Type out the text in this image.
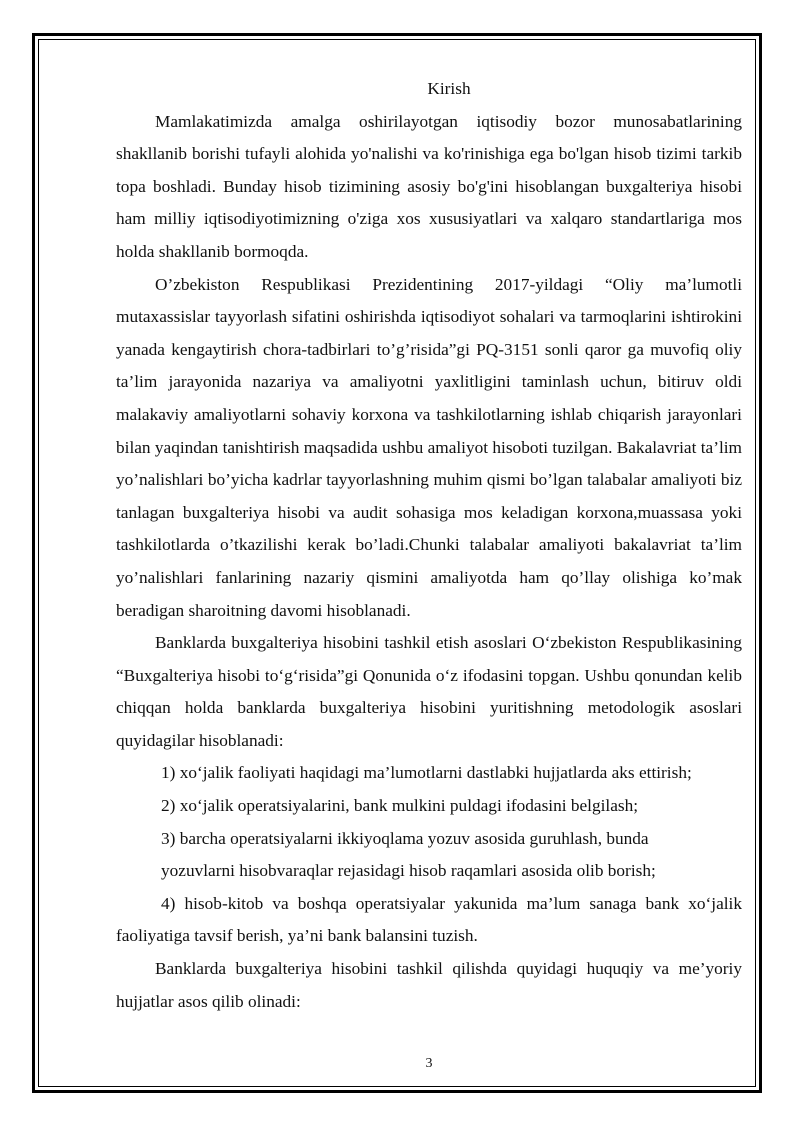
Kirish

Mamlakatimizda amalga oshirilayotgan iqtisodiy bozor munosabatlarining shakllanib borishi tufayli alohida yo'nalishi va ko'rinishiga ega bo'lgan hisob tizimi tarkib topa boshladi. Bunday hisob tizimining asosiy bo'g'ini hisoblangan buxgalteriya hisobi ham milliy iqtisodiyotimizning o'ziga xos xususiyatlari va xalqaro standartlariga mos holda shakllanib bormoqda.

O’zbekiston Respublikasi Prezidentining 2017-yildagi “Oliy ma’lumotli mutaxassislar tayyorlash sifatini oshirishda iqtisodiyot sohalari va tarmoqlarini ishtirokini yanada kengaytirish chora-tadbirlari to’g’risida”gi PQ-3151 sonli qaror ga muvofiq oliy ta’lim jarayonida nazariya va amaliyotni yaxlitligini taminlash uchun, bitiruv oldi malakaviy amaliyotlarni sohaviy korxona va tashkilotlarning ishlab chiqarish jarayonlari bilan yaqindan tanishtirish maqsadida ushbu amaliyot hisoboti tuzilgan. Bakalavriat ta’lim yo’nalishlari bo’yicha kadrlar tayyorlashning muhim qismi bo’lgan talabalar amaliyoti biz tanlagan buxgalteriya hisobi va audit sohasiga mos keladigan korxona,muassasa yoki tashkilotlarda o’tkazilishi kerak bo’ladi.Chunki talabalar amaliyoti bakalavriat ta’lim yo’nalishlari fanlarining nazariy qismini amaliyotda ham qo’llay olishiga ko’mak beradigan sharoitning davomi hisoblanadi.

Banklarda buxgalteriya hisobini tashkil etish asoslari O‘zbekiston Respublikasining “Buxgalteriya hisobi to‘g‘risida”gi Qonunida o‘z ifodasini topgan. Ushbu qonundan kelib chiqqan holda banklarda buxgalteriya hisobini yuritishning metodologik asoslari quyidagilar hisoblanadi:

1) xo‘jalik faoliyati haqidagi ma’lumotlarni dastlabki hujjatlarda aks ettirish;

2) xo‘jalik operatsiyalarini, bank mulkini puldagi ifodasini belgilash;

3) barcha operatsiyalarni ikkiyoqlama yozuv asosida guruhlash, bunda

yozuvlarni hisobvaraqlar rejasidagi hisob raqamlari asosida olib borish;

4) hisob-kitob va boshqa operatsiyalar yakunida ma’lum sanaga bank xo‘jalik faoliyatiga tavsif berish, ya’ni bank balansini tuzish.

Banklarda buxgalteriya hisobini tashkil qilishda quyidagi huquqiy va me’yoriy hujjatlar asos qilib olinadi:

3
